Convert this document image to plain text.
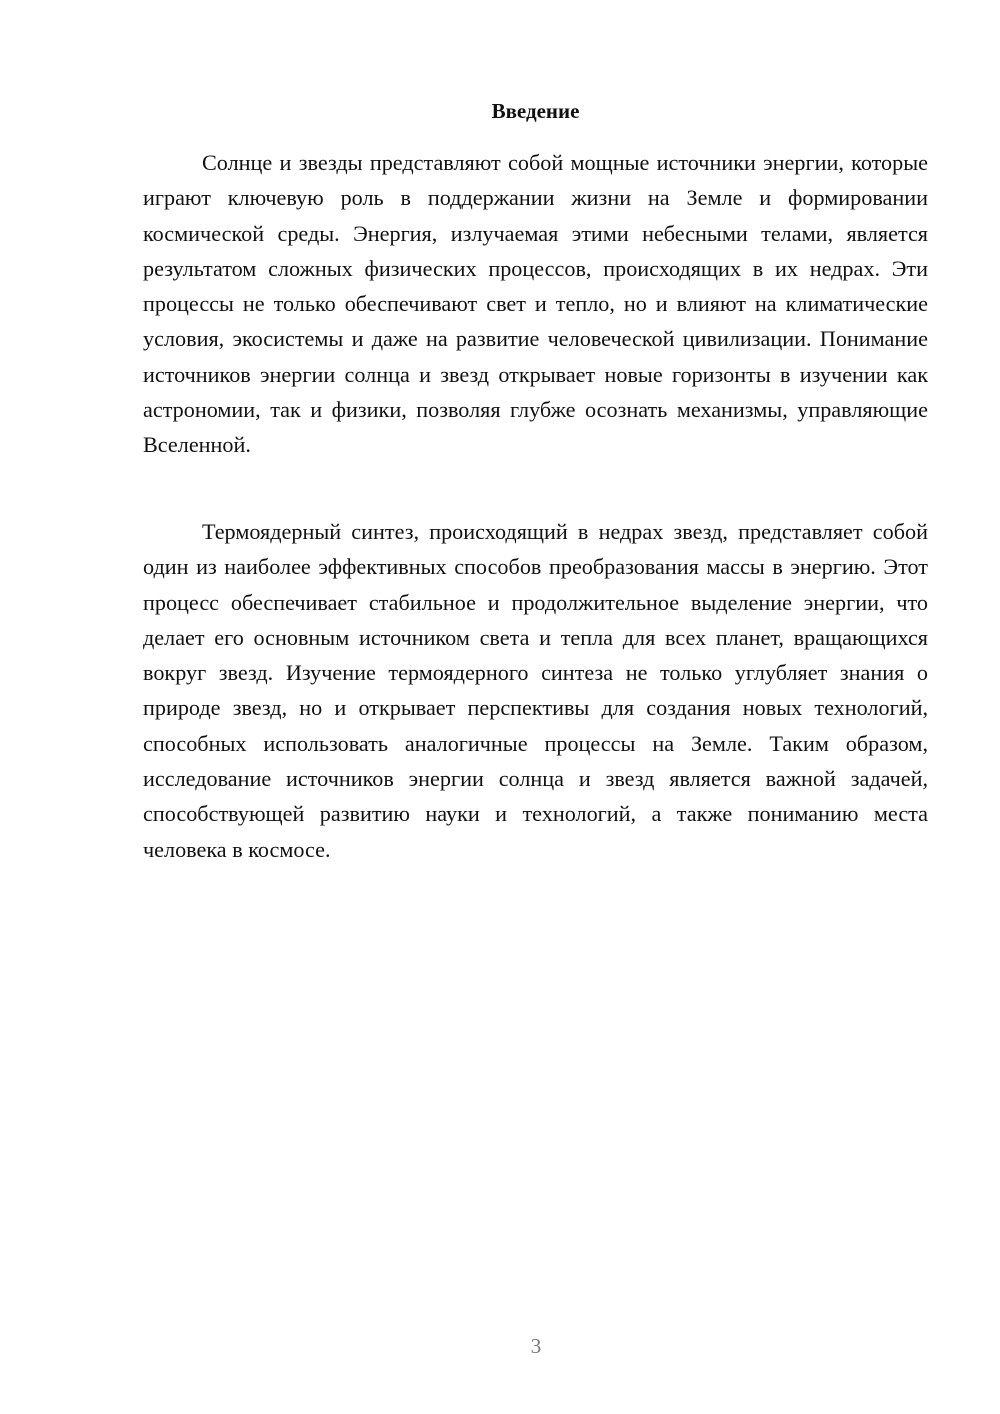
Введение

Солнце и звезды представляют собой мощные источники энергии, которые играют ключевую роль в поддержании жизни на Земле и формировании космической среды. Энергия, излучаемая этими небесными телами, является результатом сложных физических процессов, происходящих в их недрах. Эти процессы не только обеспечивают свет и тепло, но и влияют на климатические условия, экосистемы и даже на развитие человеческой цивилизации. Понимание источников энергии солнца и звезд открывает новые горизонты в изучении как астрономии, так и физики, позволяя глубже осознать механизмы, управляющие Вселенной.

Термоядерный синтез, происходящий в недрах звезд, представляет собой один из наиболее эффективных способов преобразования массы в энергию. Этот процесс обеспечивает стабильное и продолжительное выделение энергии, что делает его основным источником света и тепла для всех планет, вращающихся вокруг звезд. Изучение термоядерного синтеза не только углубляет знания о природе звезд, но и открывает перспективы для создания новых технологий, способных использовать аналогичные процессы на Земле. Таким образом, исследование источников энергии солнца и звезд является важной задачей, способствующей развитию науки и технологий, а также пониманию места человека в космосе.

3
